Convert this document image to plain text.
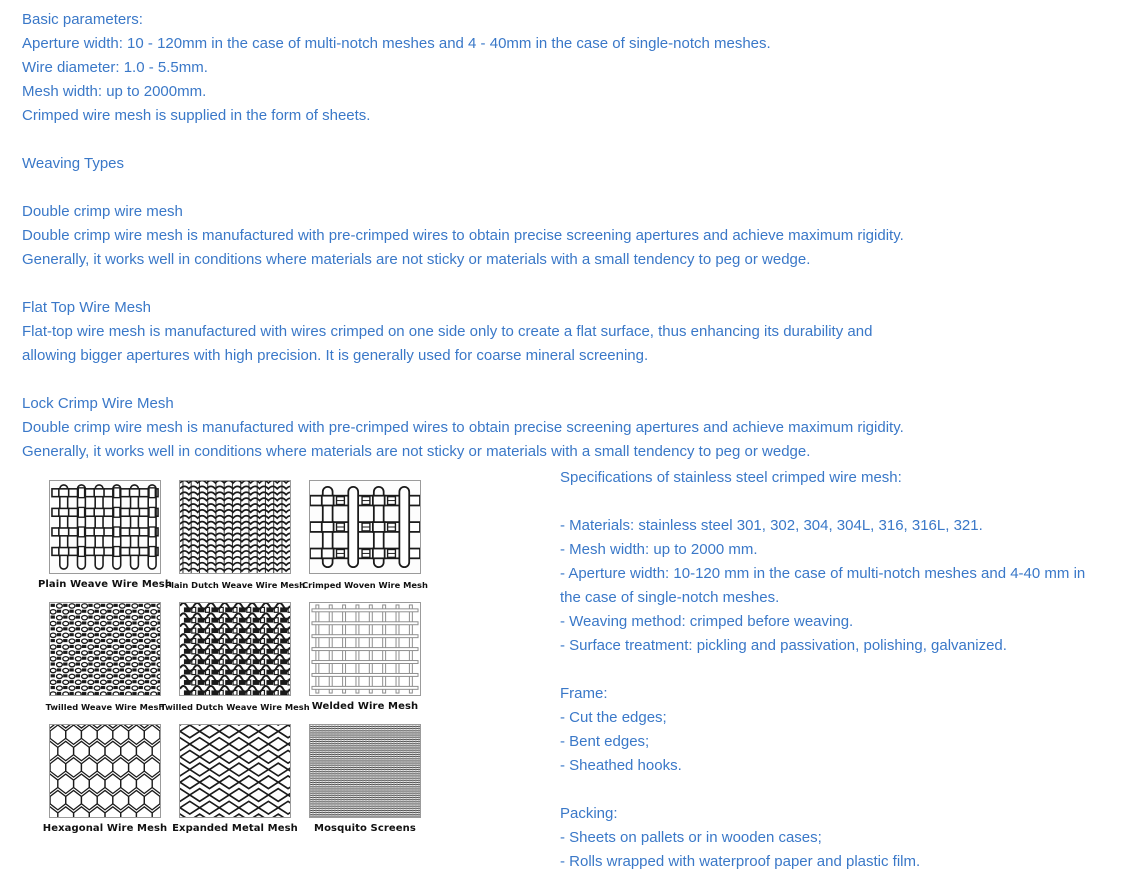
Basic parameters:
Aperture width: 10 - 120mm in the case of multi-notch meshes and 4 - 40mm in the case of single-notch meshes.
Wire diameter: 1.0 - 5.5mm.
Mesh width: up to 2000mm.
Crimped wire mesh is supplied in the form of sheets.
Weaving Types
Double crimp wire mesh
Double crimp wire mesh is manufactured with pre-crimped wires to obtain precise screening apertures and achieve maximum rigidity.
Generally, it works well in conditions where materials are not sticky or materials with a small tendency to peg or wedge.
Flat Top Wire Mesh
Flat-top wire mesh is manufactured with wires crimped on one side only to create a flat surface, thus enhancing its durability and
allowing bigger apertures with high precision. It is generally used for coarse mineral screening.
Lock Crimp Wire Mesh
Double crimp wire mesh is manufactured with pre-crimped wires to obtain precise screening apertures and achieve maximum rigidity.
Generally, it works well in conditions where materials are not sticky or materials with a small tendency to peg or wedge.
Plain Weave Wire Mesh
Plain Dutch Weave Wire Mesh
Crimped Woven Wire Mesh
Twilled Weave Wire Mesh
Twilled Dutch Weave Wire Mesh Welded Wire Mesh
Hexagonal Wire Mesh Expanded Metal Mesh Mosquito Screens
Specifications of stainless steel crimped wire mesh:
- Materials: stainless steel 301, 302, 304, 304L, 316, 316L, 321.
- Mesh width: up to 2000 mm.
- Aperture width: 10-120 mm in the case of multi-notch meshes and 4-40 mm in the case of single-notch meshes.
- Weaving method: crimped before weaving.
- Surface treatment: pickling and passivation, polishing, galvanized.
Frame:
- Cut the edges;
- Bent edges;
- Sheathed hooks.
Packing:
- Sheets on pallets or in wooden cases;
- Rolls wrapped with waterproof paper and plastic film.
